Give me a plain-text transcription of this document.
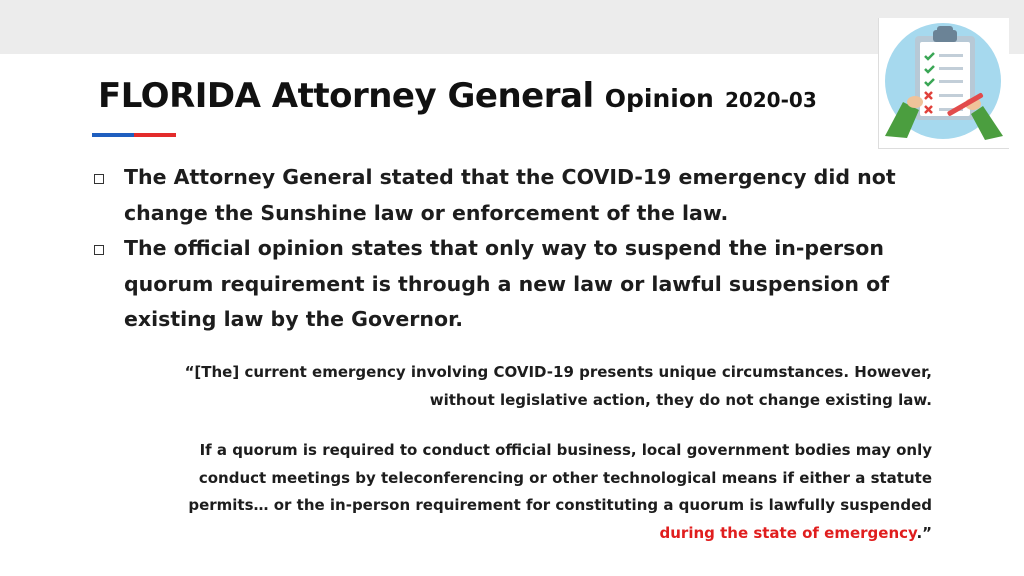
FLORIDA Attorney General Opinion 2020-03
The Attorney General stated that the COVID-19 emergency did not change the Sunshine law or enforcement of the law.
The official opinion states that only way to suspend the in-person quorum requirement is through a new law or lawful suspension of existing law by the Governor.

“[The] current emergency involving COVID-19 presents unique circumstances. However, without legislative action, they do not change existing law.

If a quorum is required to conduct official business, local government bodies may only conduct meetings by teleconferencing or other technological means if either a statute permits… or the in-person requirement for constituting a quorum is lawfully suspended during the state of emergency.”
